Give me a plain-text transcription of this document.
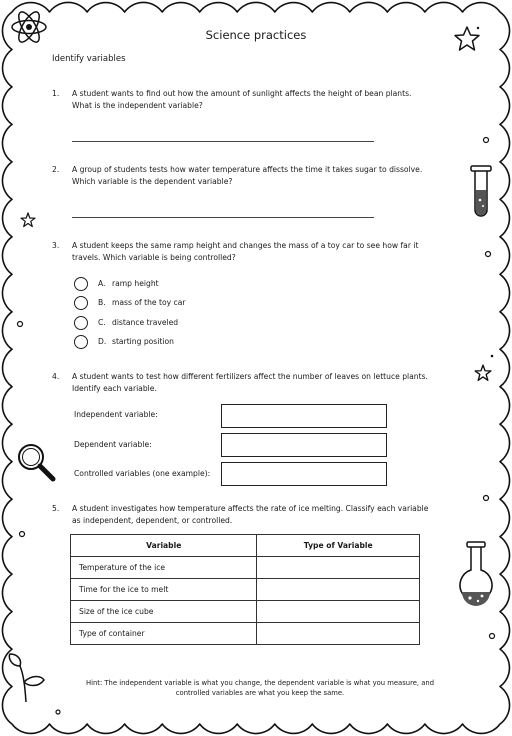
Science practices
Identify variables
1. A student wants to find out how the amount of sunlight affects the height of bean plants. What is the independent variable?
2. A group of students tests how water temperature affects the time it takes sugar to dissolve. Which variable is the dependent variable?
3. A student keeps the same ramp height and changes the mass of a toy car to see how far it travels. Which variable is being controlled?
A. ramp height
B. mass of the toy car
C. distance traveled
D. starting position
4. A student wants to test how different fertilizers affect the number of leaves on lettuce plants. Identify each variable.
Independent variable:
Dependent variable:
Controlled variables (one example):
5. A student investigates how temperature affects the rate of ice melting. Classify each variable as independent, dependent, or controlled.
Variable	Type of Variable
Temperature of the ice	
Time for the ice to melt	
Size of the ice cube	
Type of container	
Hint: The independent variable is what you change, the dependent variable is what you measure, and controlled variables are what you keep the same.
